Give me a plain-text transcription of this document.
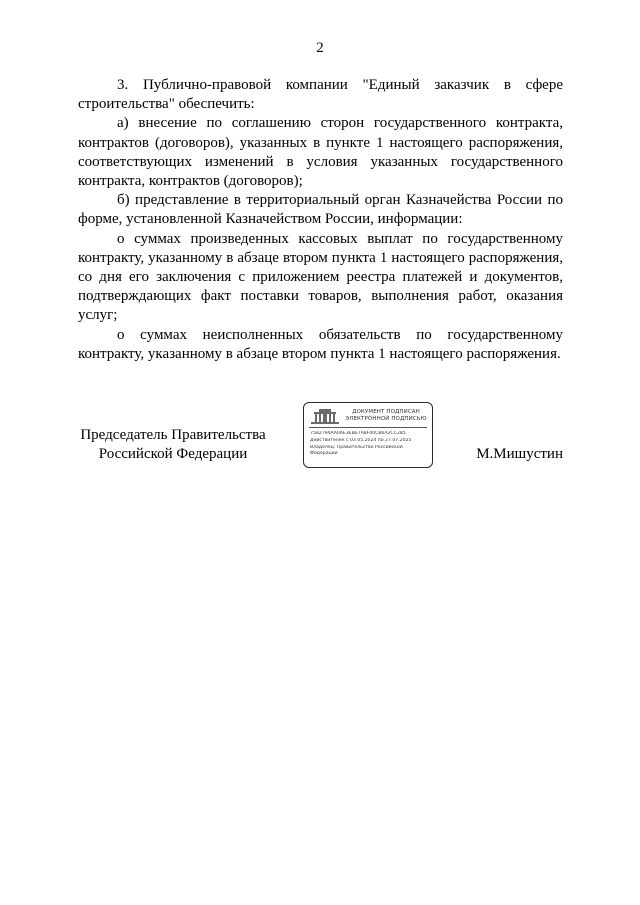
2

3. Публично-правовой компании "Единый заказчик в сфере строительства" обеспечить:

а) внесение по соглашению сторон государственного контракта, контрактов (договоров), указанных в пункте 1 настоящего распоряжения, соответствующих изменений в условия указанных государственного контракта, контрактов (договоров);

б) представление в территориальный орган Казначейства России по форме, установленной Казначейством России, информации:

о суммах произведенных кассовых выплат по государственному контракту, указанному в абзаце втором пункта 1 настоящего распоряжения, со дня его заключения с приложением реестра платежей и документов, подтверждающих факт поставки товаров, выполнения работ, оказания услуг;

о суммах неисполненных обязательств по государственному контракту, указанному в абзаце втором пункта 1 настоящего распоряжения.

Председатель Правительства
Российской Федерации
ДОКУМЕНТ ПОДПИСАН
ЭЛЕКТРОННОЙ ПОДПИСЬЮ
7582794AA0AE3EBE7A8F00CB6A2CC285
Действителен с 03.05.2024 по 27.07.2025
Владелец: Правительство Российской Федерации	М.Мишустин
